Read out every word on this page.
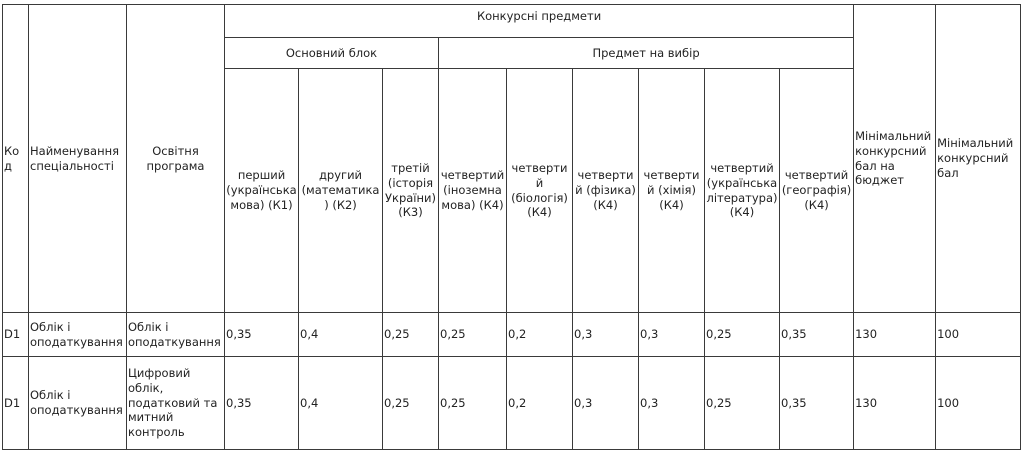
Код	Найменування спеціальності	Освітня програма	Конкурсні предмети									Мінімальний конкурсний бал на бюджет	Мінімальний конкурсний бал
			Основний блок			Предмет на вибір							
			перший (українська мова) (К1)	другий (математика) (К2)	третій (історія України) (К3)	четвертий (іноземна мова) (К4)	четвертий (біологія) (К4)	четвертий (фізика) (К4)	четвертий (хімія) (К4)	четвертий (українська література) (К4)	четвертий (географія) (К4)		
D1	Облік і оподаткування	Облік і оподаткування	0,35	0,4	0,25	0,25	0,2	0,3	0,3	0,25	0,35	130	100
D1	Облік і оподаткування	Цифровий облік, податковий та митний контроль	0,35	0,4	0,25	0,25	0,2	0,3	0,3	0,25	0,35	130	100
